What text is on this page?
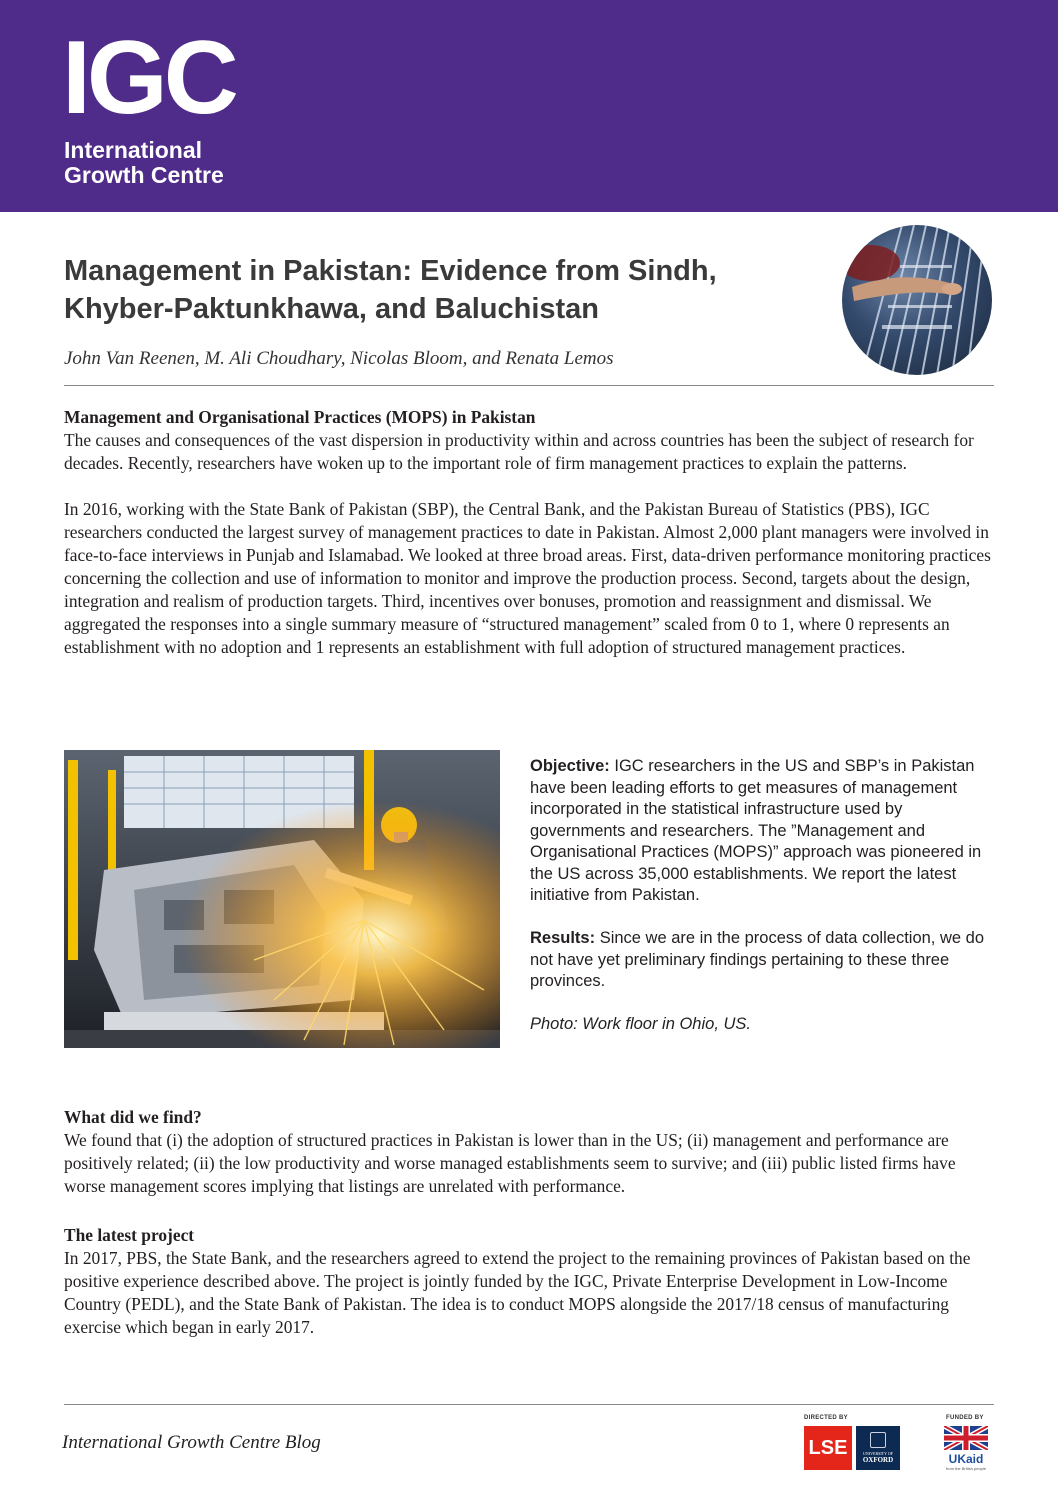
IGC
International
Growth Centre
Management in Pakistan: Evidence from Sindh,
Khyber-Paktunkhawa, and Baluchistan
John Van Reenen, M. Ali Choudhary, Nicolas Bloom, and Renata Lemos
Management and Organisational Practices (MOPS) in Pakistan

The causes and consequences of the vast dispersion in productivity within and across countries has been the subject of research for decades. Recently, researchers have woken up to the important role of firm management practices to explain the patterns.

In 2016, working with the State Bank of Pakistan (SBP), the Central Bank, and the Pakistan Bureau of Statistics (PBS), IGC researchers conducted the largest survey of management practices to date in Pakistan. Almost 2,000 plant managers were involved in face-to-face interviews in Punjab and Islamabad. We looked at three broad areas. First, data-driven performance monitoring practices concerning the collection and use of information to monitor and improve the production process. Second, targets about the design, integration and realism of production targets. Third, incentives over bonuses, promotion and reassignment and dismissal. We aggregated the responses into a single summary measure of “structured management” scaled from 0 to 1, where 0 represents an establishment with no adoption and 1 represents an establishment with full adoption of structured management practices.

Objective: IGC researchers in the US and SBP’s in Pakistan have been leading efforts to get measures of management incorporated in the statistical infrastructure used by governments and researchers. The ”Management and Organisational Practices (MOPS)” approach was pioneered in the US across 35,000 establishments. We report the latest initiative from Pakistan.

Results: Since we are in the process of data collection, we do not have yet preliminary findings pertaining to these three provinces.

Photo: Work floor in Ohio, US.

What did we find?

We found that (i) the adoption of structured practices in Pakistan is lower than in the US; (ii) management and performance are positively related; (ii) the low productivity and worse managed establishments seem to survive; and (iii) public listed firms have worse management scores implying that listings are unrelated with performance.

The latest project

In 2017, PBS, the State Bank, and the researchers agreed to extend the project to the remaining provinces of Pakistan based on the positive experience described above. The project is jointly funded by the IGC, Private Enterprise Development in Low-Income Country (PEDL), and the State Bank of Pakistan. The idea is to conduct MOPS alongside the 2017/18 census of manufacturing exercise which began in early 2017.

International Growth Centre Blog
DIRECTED BY	FUNDED BY
LSE	UNIVERSITY OF
OXFORD	UKaid
from the British people
